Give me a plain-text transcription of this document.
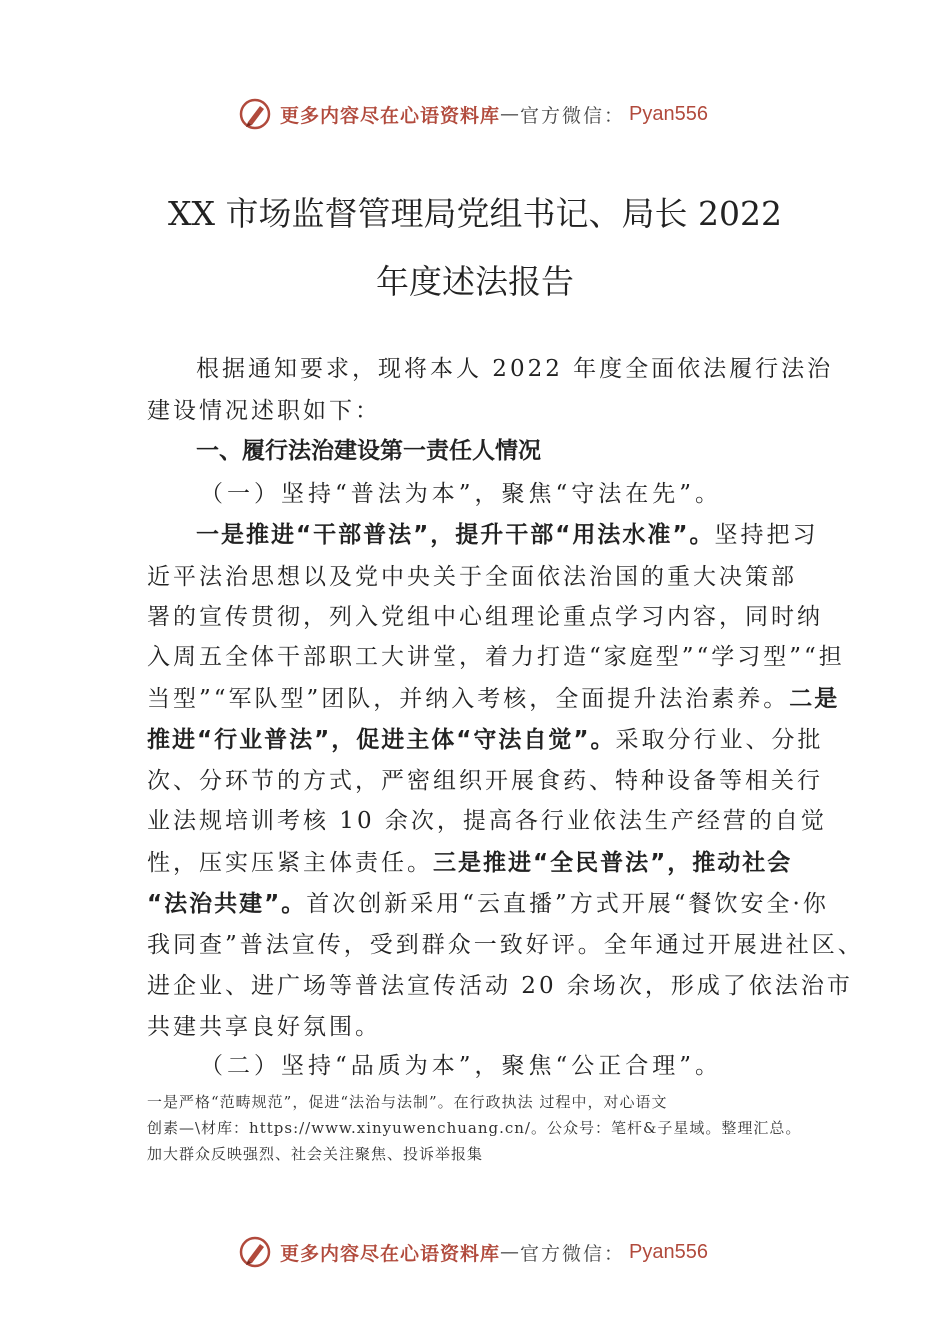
更多内容尽在心语资料库 — 官方微信： Pyan556
XX 市场监督管理局党组书记、局长 2022
年度述法报告
根据通知要求，现将本人 2022 年度全面依法履行法治
建设情况述职如下：
一、履行法治建设第一责任人情况
（一）坚持“普法为本”，聚焦“守法在先”。
一是推进“干部普法”，提升干部“用法水准”。坚持把习
近平法治思想以及党中央关于全面依法治国的重大决策部
署的宣传贯彻，列入党组中心组理论重点学习内容，同时纳
入周五全体干部职工大讲堂，着力打造“家庭型”“学习型”“担
当型”“军队型”团队，并纳入考核，全面提升法治素养。二是
推进“行业普法”，促进主体“守法自觉”。采取分行业、分批
次、分环节的方式，严密组织开展食药、特种设备等相关行
业法规培训考核 10 余次，提高各行业依法生产经营的自觉
性，压实压紧主体责任。三是推进“全民普法”，推动社会
“法治共建”。首次创新采用“云直播”方式开展“餐饮安全·你
我同查”普法宣传，受到群众一致好评。全年通过开展进社区、
进企业、进广场等普法宣传活动 20 余场次，形成了依法治市
共建共享良好氛围。
（二）坚持“品质为本”，聚焦“公正合理”。
一是严格“范畴规范”，促进“法治与法制”。在行政执法 过程中，对心语文
创素—\材库：https://www.xinyuwenchuang.cn/。公众号：笔杆&子星域。整理汇总。
加大群众反映强烈、社会关注聚焦、投诉举报集
更多内容尽在心语资料库 — 官方微信： Pyan556
